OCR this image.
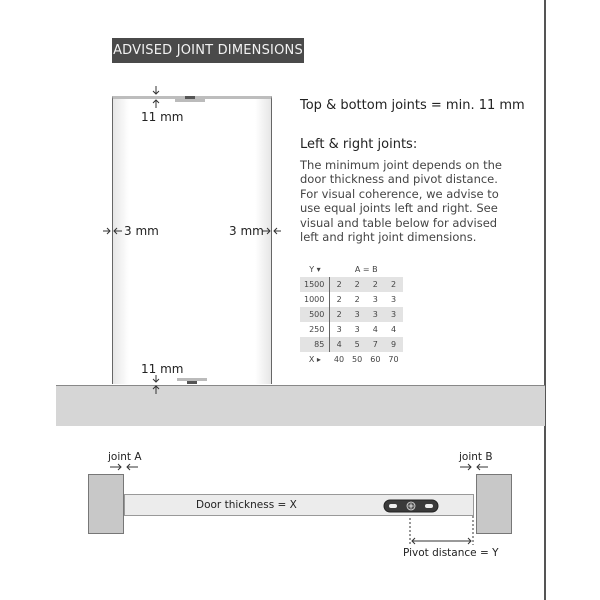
ADVISED JOINT DIMENSIONS
11 mm
11 mm
3 mm	3 mm
Top & bottom joints = min. 11 mm
Left & right joints:
The minimum joint depends on the door thickness and pivot distance. For visual coherence, we advise to use equal joints left and right. See visual and table below for advised left and right joint dimensions.
Y ▾	A = B			
1500	2	2	2	2
1000	2	2	3	3
500	2	3	3	3
250	3	3	4	4
85	4	5	7	9
X ▸	40	50	60	70
joint A	joint B
Door thickness = X
Pivot distance = Y
